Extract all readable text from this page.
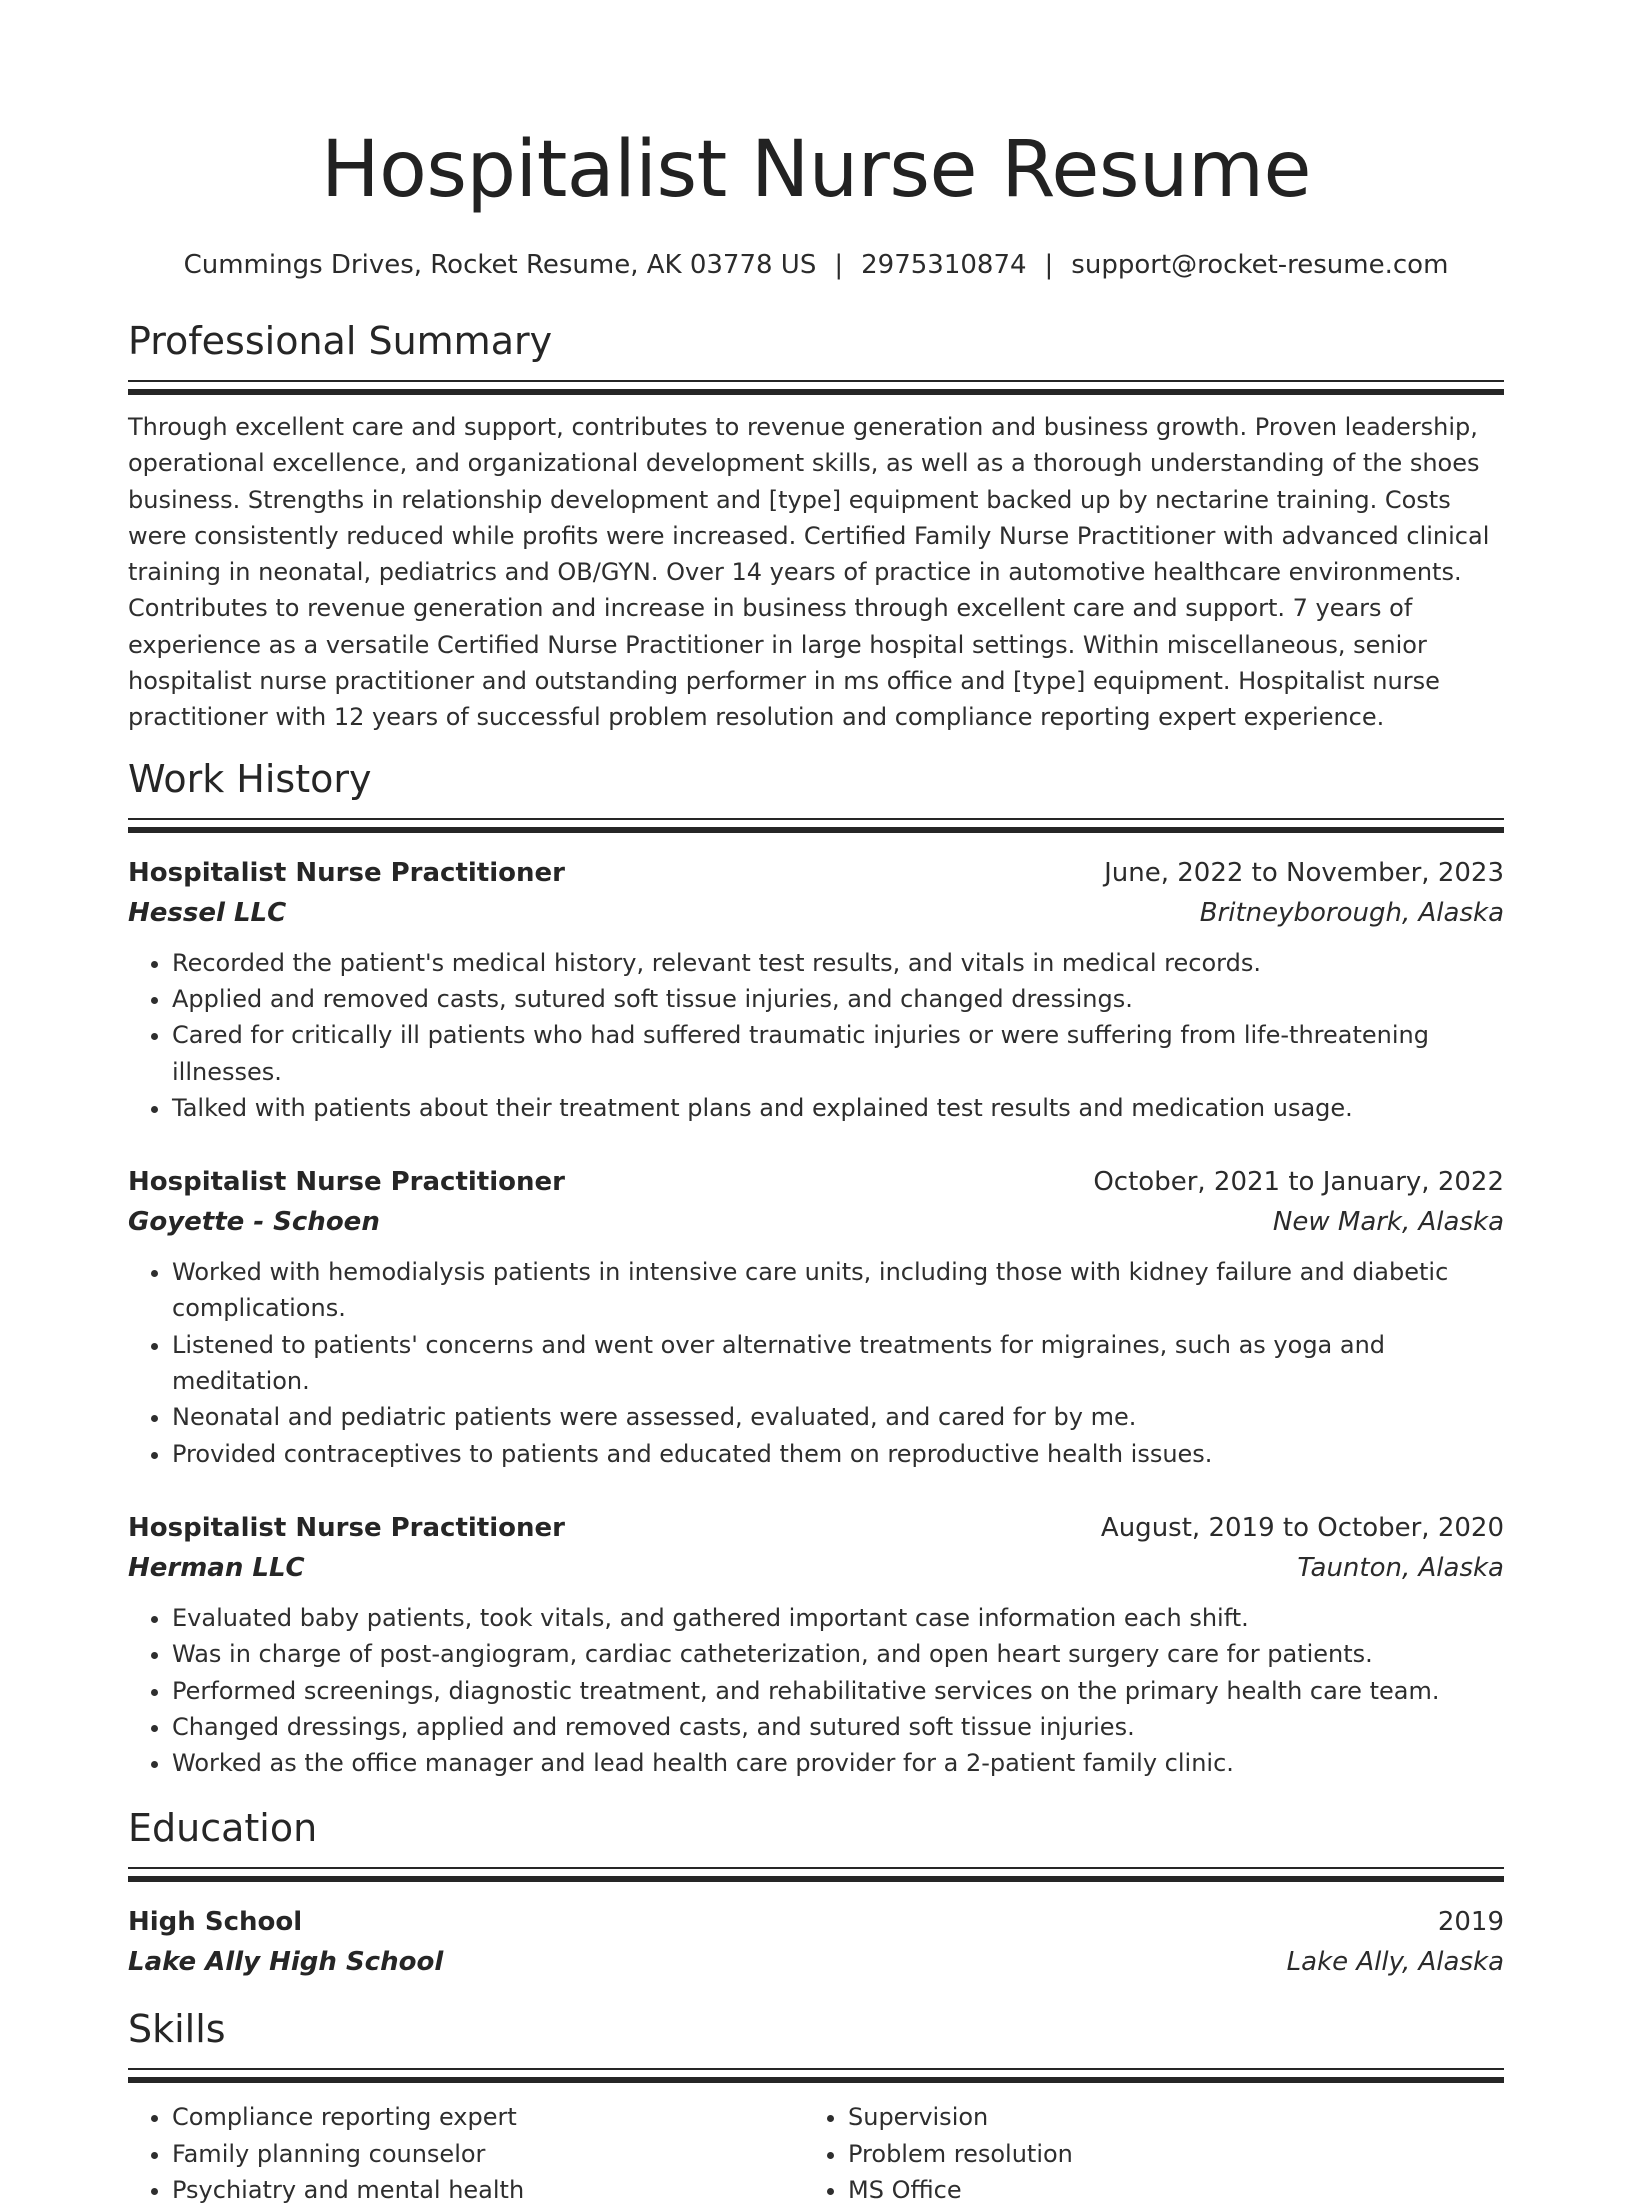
Hospitalist Nurse Resume
Cummings Drives, Rocket Resume, AK 03778 US | 2975310874 | support@rocket-resume.com
Professional Summary

Through excellent care and support, contributes to revenue generation and business growth. Proven leadership, operational excellence, and organizational development skills, as well as a thorough understanding of the shoes business. Strengths in relationship development and [type] equipment backed up by nectarine training. Costs were consistently reduced while profits were increased. Certified Family Nurse Practitioner with advanced clinical training in neonatal, pediatrics and OB/GYN. Over 14 years of practice in automotive healthcare environments. Contributes to revenue generation and increase in business through excellent care and support. 7 years of experience as a versatile Certified Nurse Practitioner in large hospital settings. Within miscellaneous, senior hospitalist nurse practitioner and outstanding performer in ms office and [type] equipment. Hospitalist nurse practitioner with 12 years of successful problem resolution and compliance reporting expert experience.

Work History
Hospitalist Nurse Practitioner	June, 2022 to November, 2023
Hessel LLC	Britneyborough, Alaska
• Recorded the patient's medical history, relevant test results, and vitals in medical records.
• Applied and removed casts, sutured soft tissue injuries, and changed dressings.
• Cared for critically ill patients who had suffered traumatic injuries or were suffering from life-threatening illnesses.
• Talked with patients about their treatment plans and explained test results and medication usage.
Hospitalist Nurse Practitioner	October, 2021 to January, 2022
Goyette - Schoen	New Mark, Alaska
• Worked with hemodialysis patients in intensive care units, including those with kidney failure and diabetic complications.
• Listened to patients' concerns and went over alternative treatments for migraines, such as yoga and meditation.
• Neonatal and pediatric patients were assessed, evaluated, and cared for by me.
• Provided contraceptives to patients and educated them on reproductive health issues.
Hospitalist Nurse Practitioner	August, 2019 to October, 2020
Herman LLC	Taunton, Alaska
• Evaluated baby patients, took vitals, and gathered important case information each shift.
• Was in charge of post-angiogram, cardiac catheterization, and open heart surgery care for patients.
• Performed screenings, diagnostic treatment, and rehabilitative services on the primary health care team.
• Changed dressings, applied and removed casts, and sutured soft tissue injuries.
• Worked as the office manager and lead health care provider for a 2-patient family clinic.
Education
High School	2019
Lake Ally High School	Lake Ally, Alaska
Skills
• Compliance reporting expert
• Family planning counselor
• Psychiatry and mental health
• Supervision
• Problem resolution
• MS Office
